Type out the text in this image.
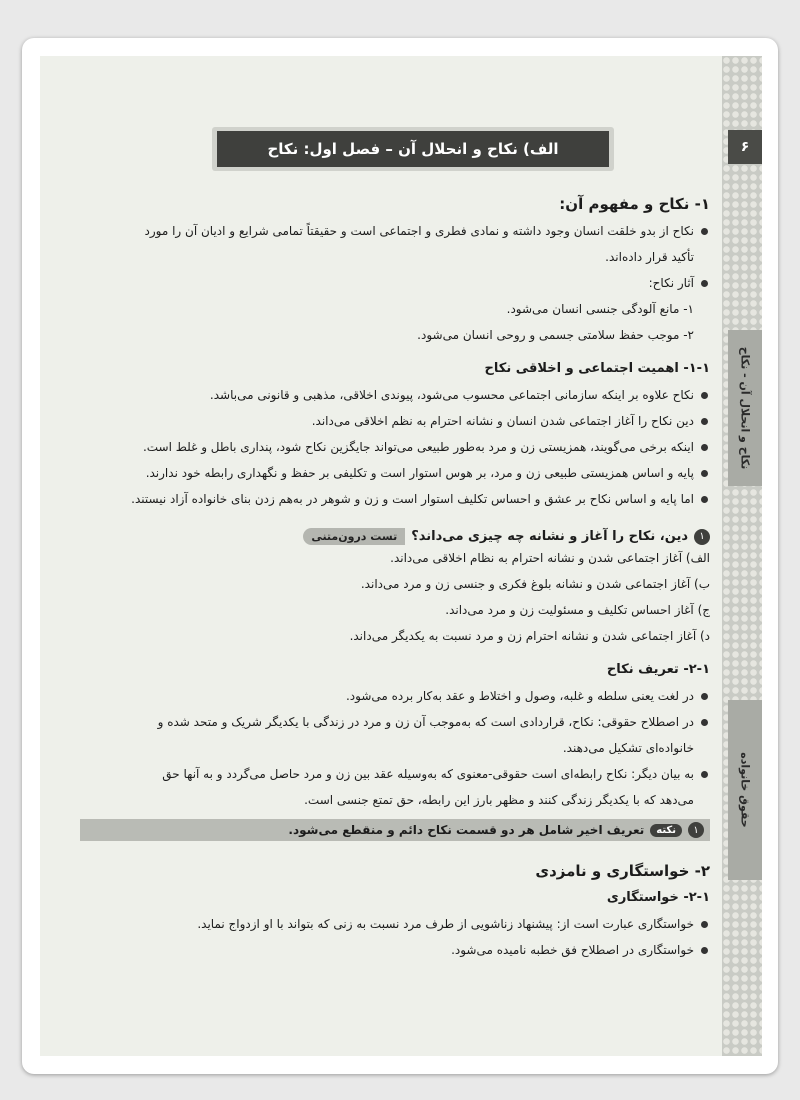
۶
نکاح و انحلال آن - نکاح
حقوق خانواده
الف) نکاح و انحلال آن – فصل اول: نکاح

۱- نکاح و مفهوم آن:

نکاح از بدو خلقت انسان وجود داشته و نمادی فطری و اجتماعی است و حقیقتاً تمامی شرایع و ادیان آن را مورد
تأکید قرار داده‌اند.
آثار نکاح:
۱- مانع آلودگی جنسی انسان می‌شود.
۲- موجب حفظ سلامتی جسمی و روحی انسان می‌شود.

۱-۱- اهمیت اجتماعی و اخلاقی نکاح

نکاح علاوه بر اینکه سازمانی اجتماعی محسوب می‌شود، پیوندی اخلاقی، مذهبی و قانونی می‌باشد.
دین نکاح را آغاز اجتماعی شدن انسان و نشانه احترام به نظم اخلاقی می‌داند.
اینکه برخی می‌گویند، همزیستی زن و مرد به‌طور طبیعی می‌تواند جایگزین نکاح شود، پنداری باطل و غلط است.
پایه و اساس همزیستی طبیعی زن و مرد، بر هوس استوار است و تکلیفی بر حفظ و نگهداری رابطه خود ندارند.
اما پایه و اساس نکاح بر عشق و احساس تکلیف استوار است و زن و شوهر در به‌هم زدن بنای خانواده آزاد نیستند.
۱
دین، نکاح را آغاز و نشانه چه چیزی می‌داند؟
تست درون‌متنی
الف) آغاز اجتماعی شدن و نشانه احترام به نظام اخلاقی می‌داند.
ب) آغاز اجتماعی شدن و نشانه بلوغ فکری و جنسی زن و مرد می‌داند.
ج) آغاز احساس تکلیف و مسئولیت زن و مرد می‌داند.
د) آغاز اجتماعی شدن و نشانه احترام زن و مرد نسبت به یکدیگر می‌داند.

۲-۱- تعریف نکاح

در لغت یعنی سلطه و غلبه، وصول و اختلاط و عقد به‌کار برده می‌شود.
در اصطلاح حقوقی: نکاح، قراردادی است که به‌موجب آن زن و مرد در زندگی با یکدیگر شریک و متحد شده و
خانواده‌ای تشکیل می‌دهند.
به بیان دیگر: نکاح رابطه‌ای است حقوقی-معنوی که به‌وسیله عقد بین زن و مرد حاصل می‌گردد و به آنها حق
می‌دهد که با یکدیگر زندگی کنند و مظهر بارز این رابطه، حق تمتع جنسی است.
۱
نکته
تعریف اخیر شامل هر دو قسمت نکاح دائم و منقطع می‌شود.

۲- خواستگاری و نامزدی

۲-۱- خواستگاری

خواستگاری عبارت است از: پیشنهاد زناشویی از طرف مرد نسبت به زنی که بتواند با او ازدواج نماید.
خواستگاری در اصطلاح فق خطبه نامیده می‌شود.
